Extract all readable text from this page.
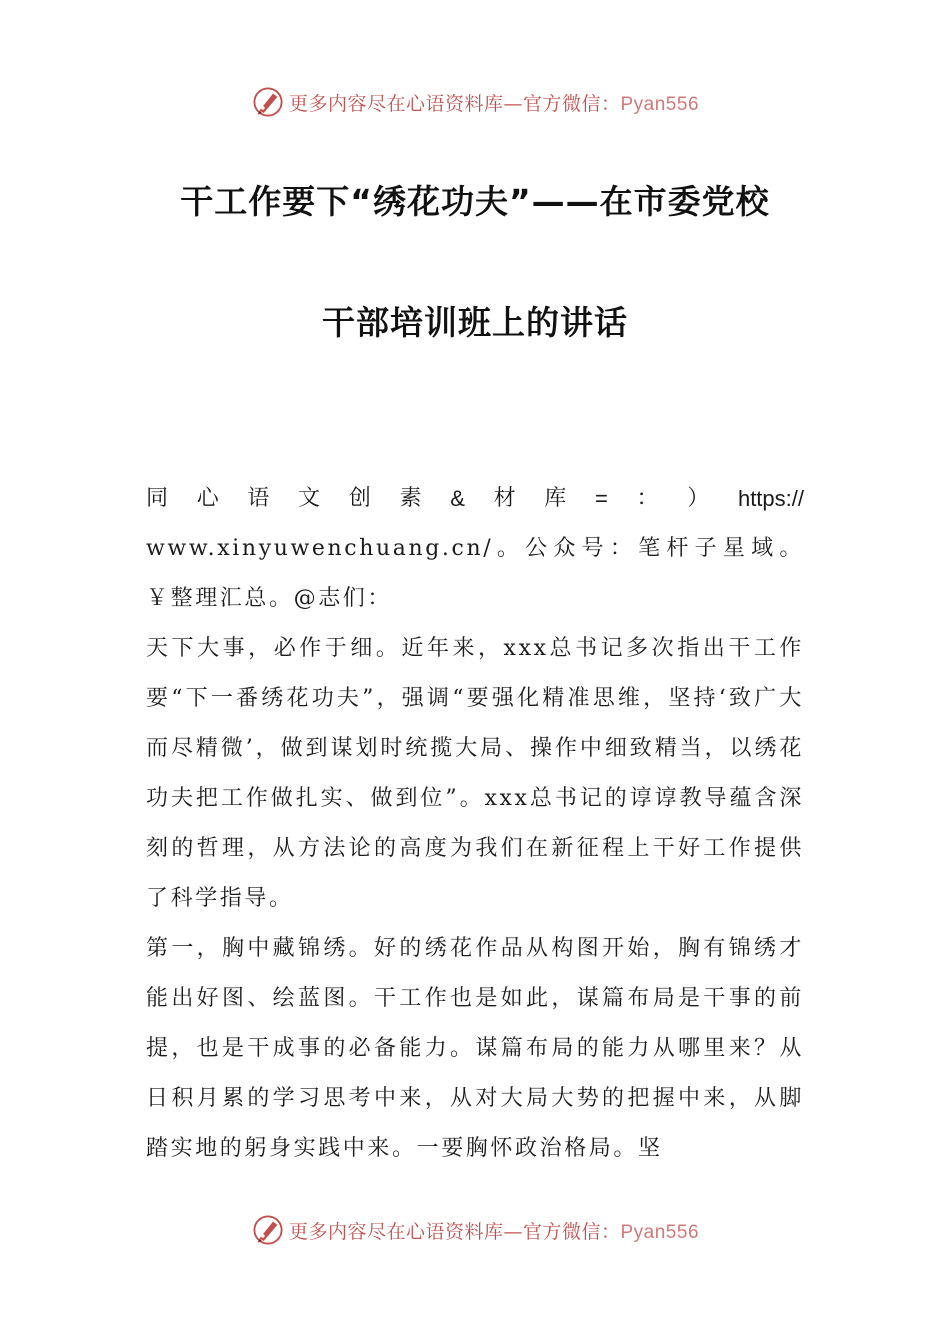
更多内容尽在心语资料库—官方微信：Pyan556
干工作要下“绣花功夫”——在市委党校
干部培训班上的讲话
同 心 语 文 创 素 & 材 库 = ： ） https://

www.xinyuwenchuang.cn/。公众号：笔杆子星域。￥整理汇总。@志们：

天下大事，必作于细。近年来，xxx总书记多次指出干工作要“下一番绣花功夫”，强调“要强化精准思维，坚持‘致广大而尽精微’，做到谋划时统揽大局、操作中细致精当，以绣花功夫把工作做扎实、做到位”。xxx总书记的谆谆教导蕴含深刻的哲理，从方法论的高度为我们在新征程上干好工作提供了科学指导。

第一，胸中藏锦绣。好的绣花作品从构图开始，胸有锦绣才能出好图、绘蓝图。干工作也是如此，谋篇布局是干事的前提，也是干成事的必备能力。谋篇布局的能力从哪里来？从日积月累的学习思考中来，从对大局大势的把握中来，从脚踏实地的躬身实践中来。一要胸怀政治格局。坚

更多内容尽在心语资料库—官方微信：Pyan556
